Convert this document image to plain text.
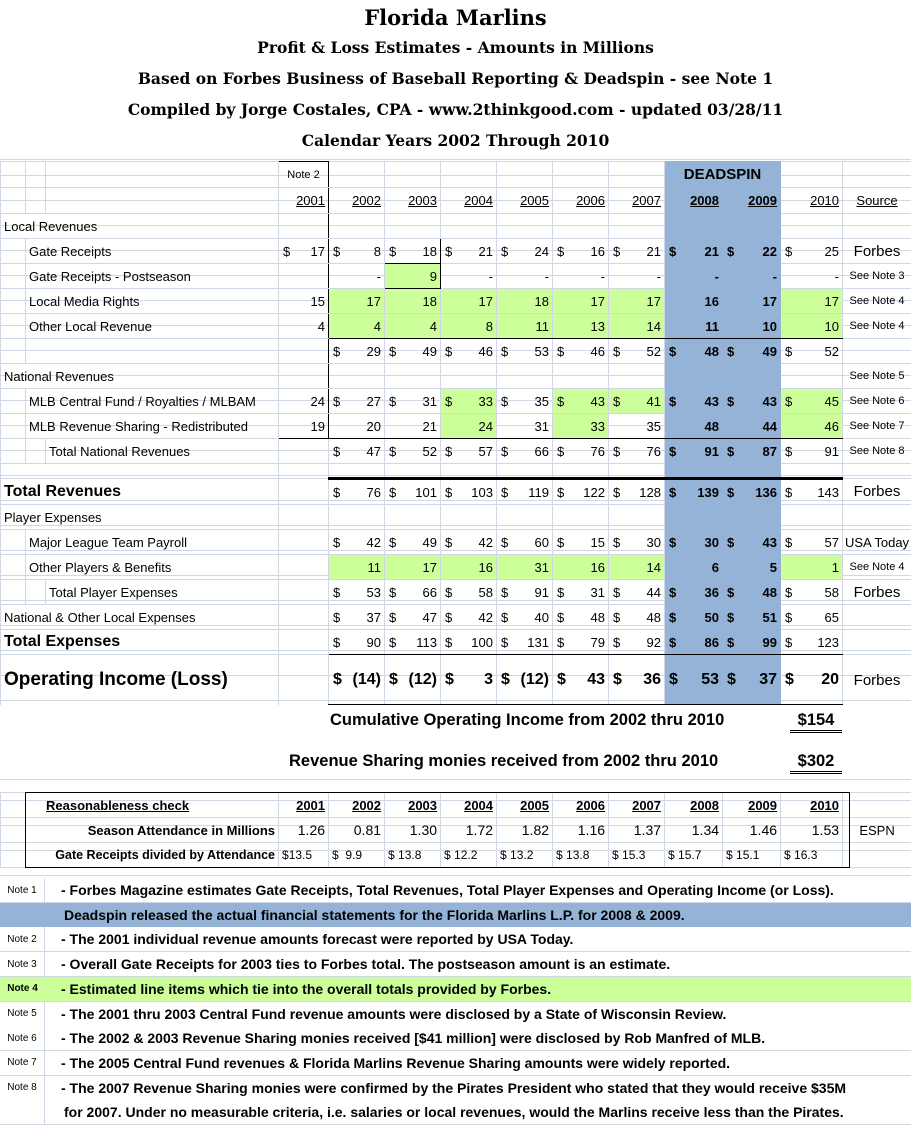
Florida Marlins
Profit & Loss Estimates - Amounts in Millions
Based on Forbes Business of Baseball Reporting & Deadspin - see Note 1
Compiled by Jorge Costales, CPA - www.2thinkgood.com - updated 03/28/11
Calendar Years 2002 Through 2010
			Note 2							DEADSPIN			
			2001	2002	2003	2004	2005	2006	2007	2008	2009	2010	Source
Local Revenues													
	Gate Receipts		$ 17	$ 8	$ 18	$ 21	$ 24	$ 16	$ 21	$ 21	$ 22	$ 25	Forbes
	Gate Receipts - Postseason			-	9	-	-	-	-	-	-	-	See Note 3
	Local Media Rights		15	17	18	17	18	17	17	16	17	17	See Note 4
	Other Local Revenue		4	4	4	8	11	13	14	11	10	10	See Note 4

				$ 29	$ 49	$ 46	$ 53	$ 46	$ 52	$ 48	$ 49	$ 52	
National Revenues													See Note 5
	MLB Central Fund / Royalties / MLBAM		24	$ 27	$ 31	$ 33	$ 35	$ 43	$ 41	$ 43	$ 43	$ 45	See Note 6
	MLB Revenue Sharing - Redistributed		19	20	21	24	31	33	35	48	44	46	See Note 7
		Total National Revenues		$ 47	$ 52	$ 57	$ 66	$ 76	$ 76	$ 91	$ 87	$ 91	See Note 8

Total Revenues				$ 76	$ 101	$ 103	$ 119	$ 122	$ 128	$ 139	$ 136	$ 143	Forbes
Player Expenses													
	Major League Team Payroll			$ 42	$ 49	$ 42	$ 60	$ 15	$ 30	$ 30	$ 43	$ 57	USA Today
	Other Players & Benefits			11	17	16	31	16	14	6	5	1	See Note 4
		Total Player Expenses		$ 53	$ 66	$ 58	$ 91	$ 31	$ 44	$ 36	$ 48	$ 58	Forbes
National & Other Local Expenses				$ 37	$ 47	$ 42	$ 40	$ 48	$ 48	$ 50	$ 51	$ 65	
Total Expenses				$ 90	$ 113	$ 100	$ 131	$ 79	$ 92	$ 86	$ 99	$ 123	
Operating Income (Loss)				$ (14)	$ (12)	$ 3	$ (12)	$ 43	$ 36	$ 53	$ 37	$ 20	Forbes
Cumulative Operating Income from 2002 thru 2010	$154
Revenue Sharing monies received from 2002 thru 2010	$302
	Reasonableness check	2001	2002	2003	2004	2005	2006	2007	2008	2009	2010	
	Season Attendance in Millions	1.26	0.81	1.30	1.72	1.82	1.16	1.37	1.34	1.46	1.53	ESPN
	Gate Receipts divided by Attendance	$13.5	$  9.9	$ 13.8	$ 12.2	$ 13.2	$ 13.8	$ 15.3	$ 15.7	$ 15.1	$ 16.3	
Note 1	- Forbes Magazine estimates Gate Receipts, Total Revenues, Total Player Expenses and Operating Income (or Loss).
Deadspin released the actual financial statements for the Florida Marlins L.P. for 2008 & 2009.
Note 2	- The 2001 individual revenue amounts forecast were reported by USA Today.
Note 3	- Overall Gate Receipts for 2003 ties to Forbes total. The postseason amount is an estimate.
Note 4	- Estimated line items which tie into the overall totals provided by Forbes.
Note 5	- The 2001 thru 2003 Central Fund revenue amounts were disclosed by a State of Wisconsin Review.
Note 6	- The 2002 & 2003 Revenue Sharing monies received [$41 million] were disclosed by Rob Manfred of MLB.
Note 7	- The 2005 Central Fund revenues & Florida Marlins Revenue Sharing amounts were widely reported.
Note 8	- The 2007 Revenue Sharing monies were confirmed by the Pirates President who stated that they would receive $35M
for 2007. Under no measurable criteria, i.e. salaries or local revenues, would the Marlins receive less than the Pirates.
